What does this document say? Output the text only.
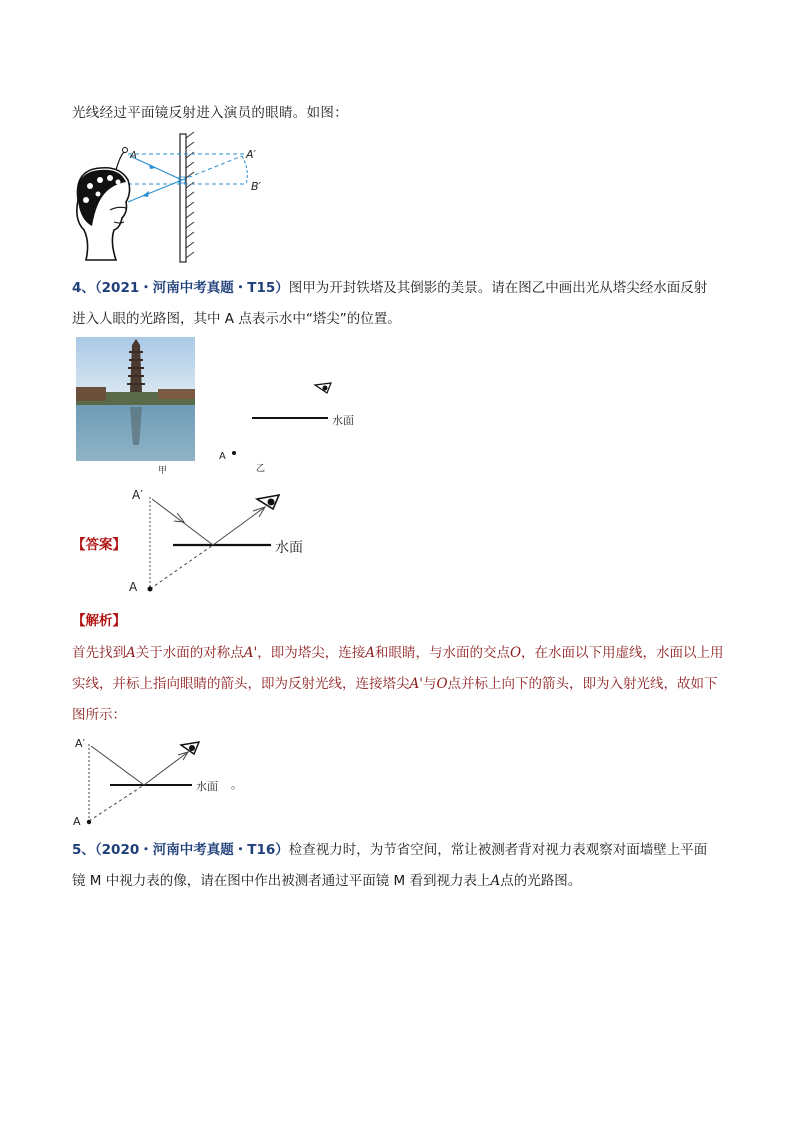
光线经过平面镜反射进入演员的眼睛。如图：
A	A′
B′
4、（2021・河南中考真题・T15）图甲为开封铁塔及其倒影的美景。请在图乙中画出光从塔尖经水面反射
进入人眼的光路图，其中 A 点表示水中“塔尖”的位置。
甲
水面
A
乙
【答案】	水面
A′
A
【解析】
首先找到A关于水面的对称点A'，即为塔尖，连接A和眼睛，与水面的交点O，在水面以下用虚线，水面以上用实线，并标上指向眼睛的箭头，即为反射光线，连接塔尖A'与O点并标上向下的箭头，即为入射光线，故如下图所示：
水面 。
A′
A
5、（2020・河南中考真题・T16）检查视力时，为节省空间，常让被测者背对视力表观察对面墙壁上平面
镜 M 中视力表的像，请在图中作出被测者通过平面镜 M 看到视力表上A点的光路图。
